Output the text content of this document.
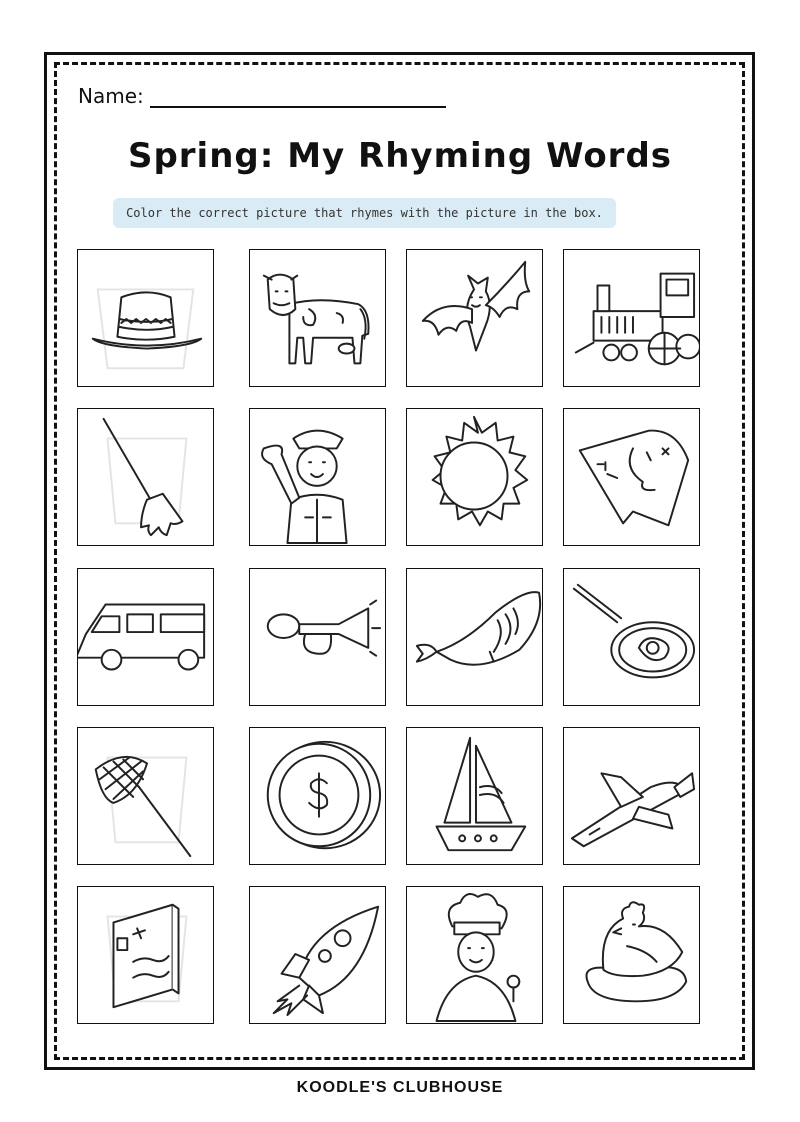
Name:
Spring: My Rhyming Words
Color the correct picture that rhymes with the picture in the box.
KOODLE'S CLUBHOUSE
